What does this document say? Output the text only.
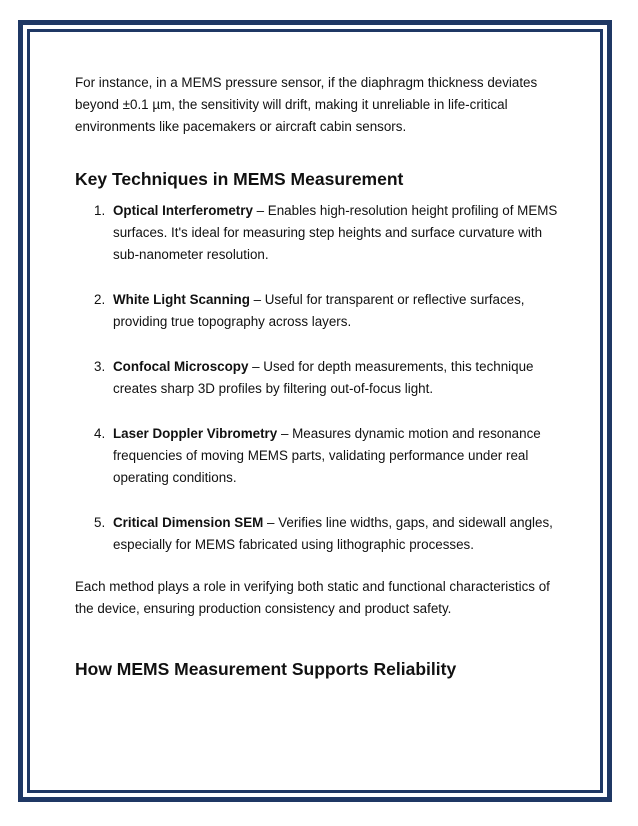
For instance, in a MEMS pressure sensor, if the diaphragm thickness deviates beyond ±0.1 µm, the sensitivity will drift, making it unreliable in life-critical environments like pacemakers or aircraft cabin sensors.

Key Techniques in MEMS Measurement
1. Optical Interferometry – Enables high-resolution height profiling of MEMS surfaces. It's ideal for measuring step heights and surface curvature with sub-nanometer resolution.
2. White Light Scanning – Useful for transparent or reflective surfaces, providing true topography across layers.
3. Confocal Microscopy – Used for depth measurements, this technique creates sharp 3D profiles by filtering out-of-focus light.
4. Laser Doppler Vibrometry – Measures dynamic motion and resonance frequencies of moving MEMS parts, validating performance under real operating conditions.
5. Critical Dimension SEM – Verifies line widths, gaps, and sidewall angles, especially for MEMS fabricated using lithographic processes.

Each method plays a role in verifying both static and functional characteristics of the device, ensuring production consistency and product safety.

How MEMS Measurement Supports Reliability
